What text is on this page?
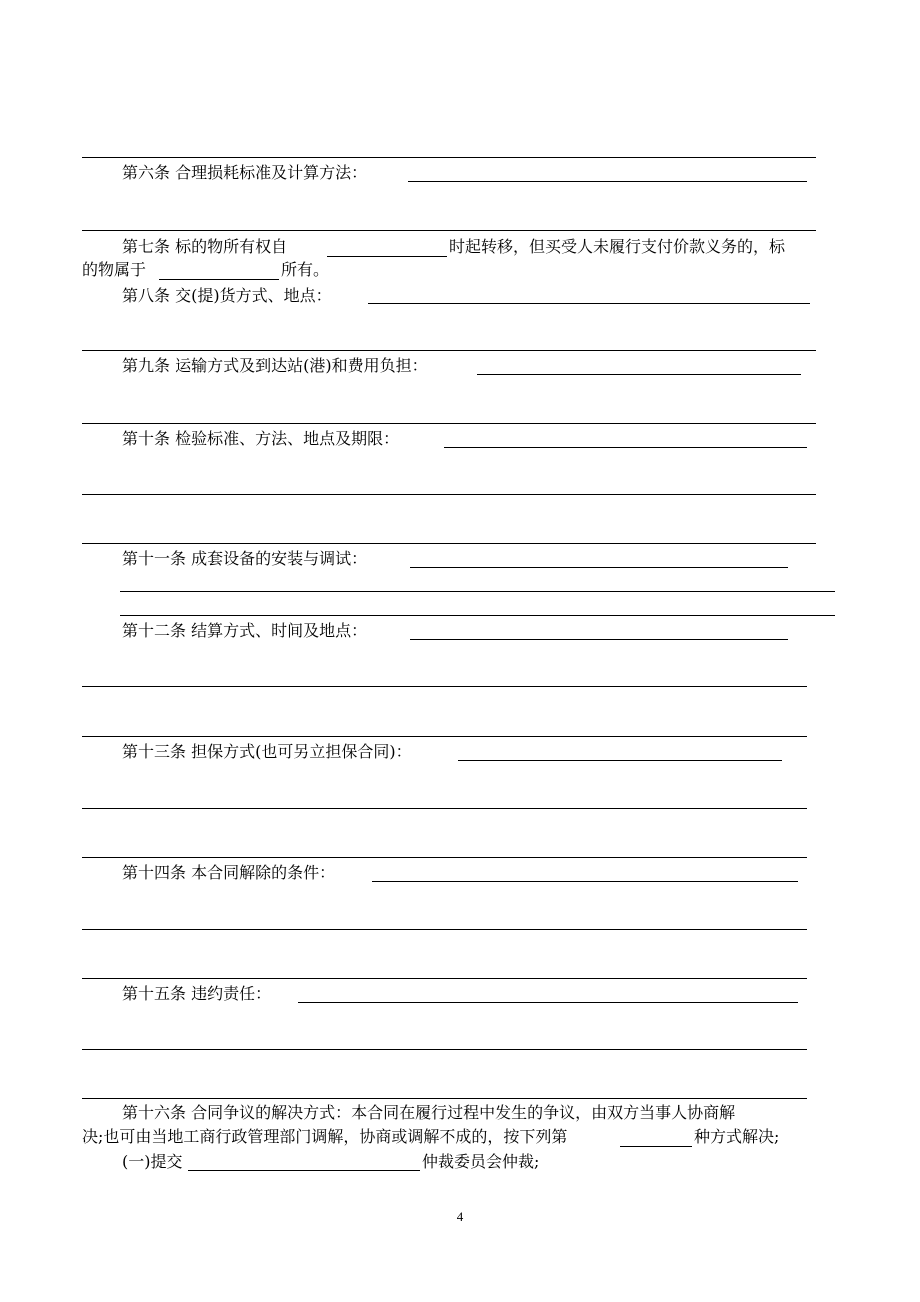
第六条 合理损耗标准及计算方法：
第七条 标的物所有权自	时起转移，但买受人未履行支付价款义务的，标
的物属于	所有。
第八条 交(提)货方式、地点：
第九条 运输方式及到达站(港)和费用负担：
第十条 检验标准、方法、地点及期限：
第十一条 成套设备的安装与调试：
第十二条 结算方式、时间及地点：
第十三条 担保方式(也可另立担保合同)：
第十四条 本合同解除的条件：
第十五条 违约责任：
第十六条 合同争议的解决方式：本合同在履行过程中发生的争议，由双方当事人协商解
决;也可由当地工商行政管理部门调解，协商或调解不成的，按下列第	种方式解决;
(一)提交	仲裁委员会仲裁;
4
